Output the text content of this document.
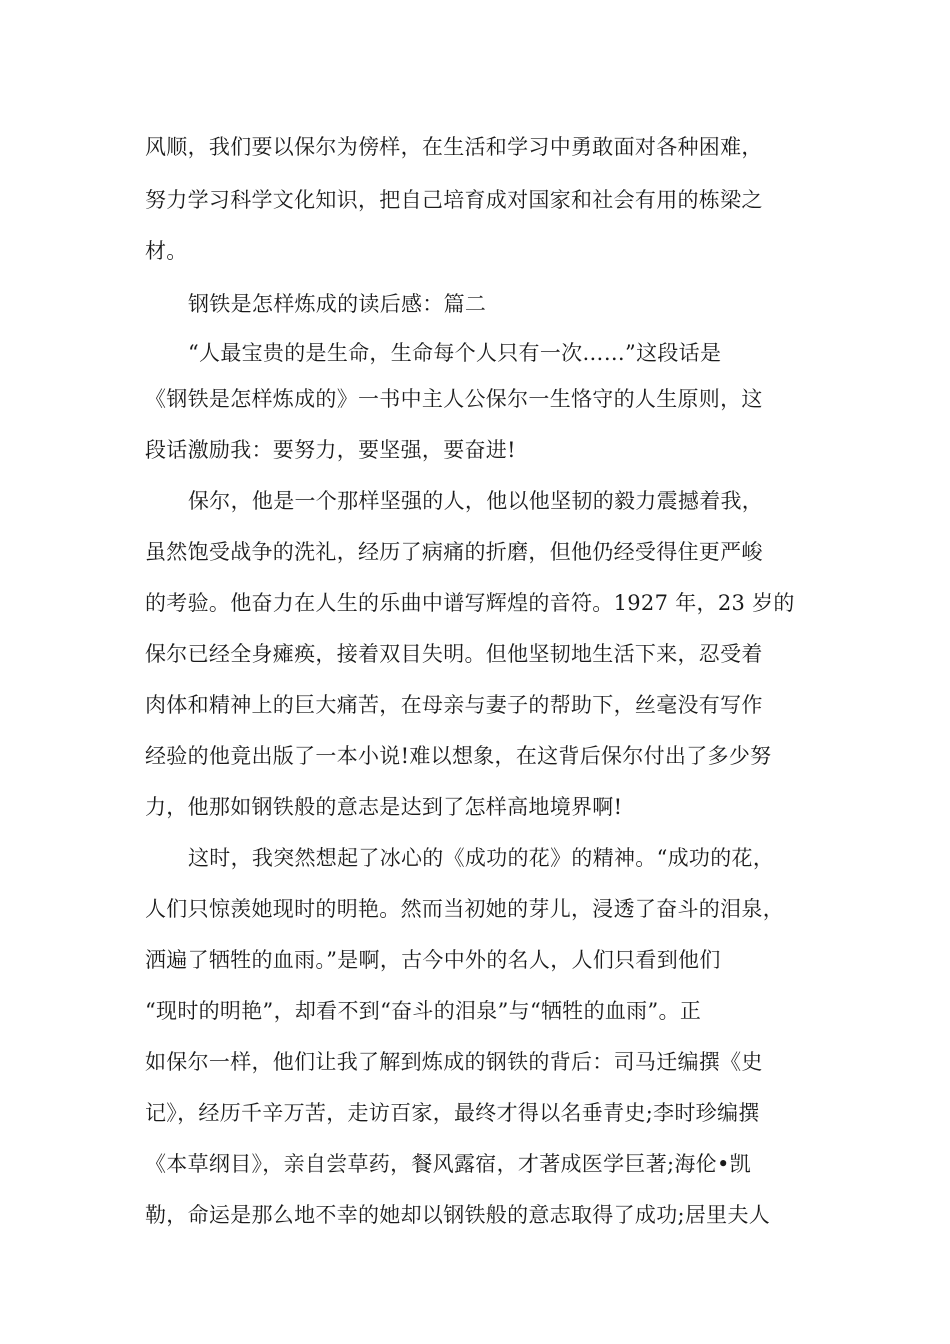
风顺，我们要以保尔为傍样，在生活和学习中勇敢面对各种困难，
努力学习科学文化知识，把自己培育成对国家和社会有用的栋梁之
材。
钢铁是怎样炼成的读后感：篇二
“人最宝贵的是生命，生命每个人只有一次……”这段话是
《钢铁是怎样炼成的》一书中主人公保尔一生恪守的人生原则，这
段话激励我：要努力，要坚强，要奋进!
保尔，他是一个那样坚强的人，他以他坚韧的毅力震撼着我，
虽然饱受战争的洗礼，经历了病痛的折磨，但他仍经受得住更严峻
的考验。他奋力在人生的乐曲中谱写辉煌的音符。1927 年，23 岁的
保尔已经全身瘫痪，接着双目失明。但他坚韧地生活下来，忍受着
肉体和精神上的巨大痛苦，在母亲与妻子的帮助下，丝毫没有写作
经验的他竟出版了一本小说!难以想象，在这背后保尔付出了多少努
力，他那如钢铁般的意志是达到了怎样高地境界啊!
这时，我突然想起了冰心的《成功的花》的精神。“成功的花，
人们只惊羡她现时的明艳。然而当初她的芽儿，浸透了奋斗的泪泉，
洒遍了牺牲的血雨。”是啊，古今中外的名人，人们只看到他们
“现时的明艳”，却看不到“奋斗的泪泉”与“牺牲的血雨”。正
如保尔一样，他们让我了解到炼成的钢铁的背后：司马迁编撰《史
记》，经历千辛万苦，走访百家，最终才得以名垂青史;李时珍编撰
《本草纲目》，亲自尝草药，餐风露宿，才著成医学巨著;海伦•凯
勒，命运是那么地不幸的她却以钢铁般的意志取得了成功;居里夫人
